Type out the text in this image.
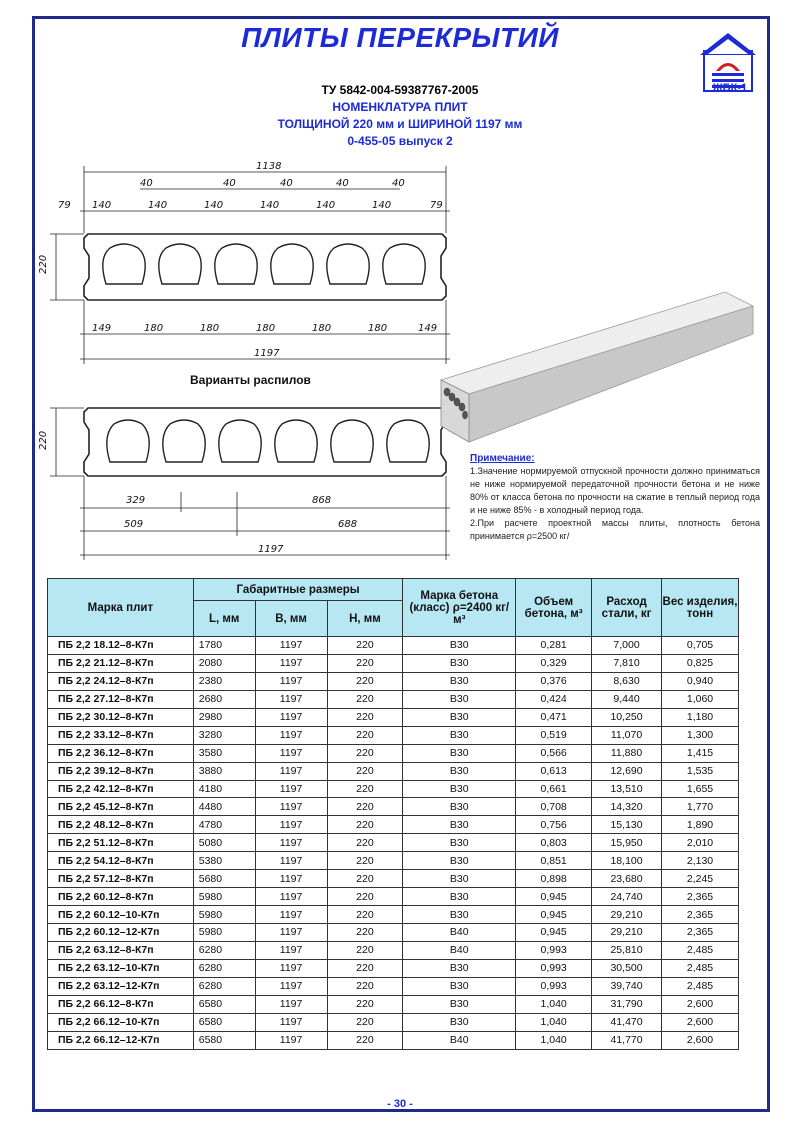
ПЛИТЫ ПЕРЕКРЫТИЙ
ЖБК•1
ТУ 5842-004-59387767-2005
НОМЕНКЛАТУРА ПЛИТ
ТОЛЩИНОЙ 220 мм и ШИРИНОЙ 1197 мм
0-455-05 выпуск 2
1138
40	40	40	40	40
79 140	140	140	140	140	140	79
220
149	180	180	180	180	180	149
1197
220
329	868
509	688
1197
Варианты распилов
Примечание:

1.Значение нормируемой отпускной прочности должно приниматься не ниже нормируемой передаточной прочности бетона и не ниже 80% от класса бетона по прочности на сжатие в теплый период года и не ниже 85% - в холодный период года.

2.При расчете проектной массы плиты, плотность бетона принимается ρ=2500 кг/

Марка плит	Габаритные размеры			Марка бетона (класс) ρ=2400 кг/м³	Объем бетона, м³	Расход стали, кг	Вес изделия, тонн
	L, мм	B, мм	H, мм				
ПБ 2,2 18.12–8-К7п	1780	1197	220	B30	0,281	7,000	0,705
ПБ 2,2 21.12–8-К7п	2080	1197	220	B30	0,329	7,810	0,825
ПБ 2,2 24.12–8-К7п	2380	1197	220	B30	0,376	8,630	0,940
ПБ 2,2 27.12–8-К7п	2680	1197	220	B30	0,424	9,440	1,060
ПБ 2,2 30.12–8-К7п	2980	1197	220	B30	0,471	10,250	1,180
ПБ 2,2 33.12–8-К7п	3280	1197	220	B30	0,519	11,070	1,300
ПБ 2,2 36.12–8-К7п	3580	1197	220	B30	0,566	11,880	1,415
ПБ 2,2 39.12–8-К7п	3880	1197	220	B30	0,613	12,690	1,535
ПБ 2,2 42.12–8-К7п	4180	1197	220	B30	0,661	13,510	1,655
ПБ 2,2 45.12–8-К7п	4480	1197	220	B30	0,708	14,320	1,770
ПБ 2,2 48.12–8-К7п	4780	1197	220	B30	0,756	15,130	1,890
ПБ 2,2 51.12–8-К7п	5080	1197	220	B30	0,803	15,950	2,010
ПБ 2,2 54.12–8-К7п	5380	1197	220	B30	0,851	18,100	2,130
ПБ 2,2 57.12–8-К7п	5680	1197	220	B30	0,898	23,680	2,245
ПБ 2,2 60.12–8-К7п	5980	1197	220	B30	0,945	24,740	2,365
ПБ 2,2 60.12–10-К7п	5980	1197	220	B30	0,945	29,210	2,365
ПБ 2,2 60.12–12-К7п	5980	1197	220	B40	0,945	29,210	2,365
ПБ 2,2 63.12–8-К7п	6280	1197	220	B40	0,993	25,810	2,485
ПБ 2,2 63.12–10-К7п	6280	1197	220	B30	0,993	30,500	2,485
ПБ 2,2 63.12–12-К7п	6280	1197	220	B30	0,993	39,740	2,485
ПБ 2,2 66.12–8-К7п	6580	1197	220	B30	1,040	31,790	2,600
ПБ 2,2 66.12–10-К7п	6580	1197	220	B30	1,040	41,470	2,600
ПБ 2,2 66.12–12-К7п	6580	1197	220	B40	1,040	41,770	2,600
- 30 -
